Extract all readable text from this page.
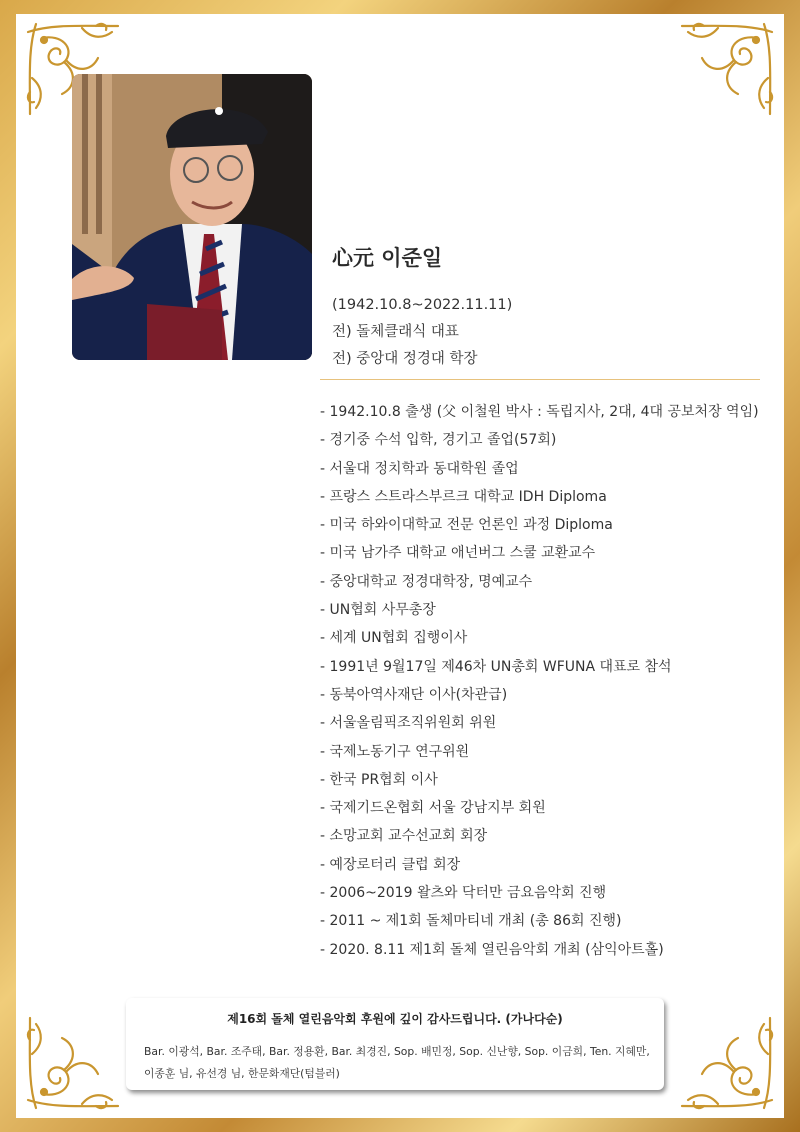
心元 이준일
(1942.10.8~2022.11.11)
전) 돌체클래식 대표
전) 중앙대 정경대 학장
- 1942.10.8 출생 (父 이철원 박사 : 독립지사, 2대, 4대 공보처장 역임)
- 경기중 수석 입학, 경기고 졸업(57회)
- 서울대 정치학과 동대학원 졸업
- 프랑스 스트라스부르크 대학교 IDH Diploma
- 미국 하와이대학교 전문 언론인 과정 Diploma
- 미국 남가주 대학교 애넌버그 스쿨 교환교수
- 중앙대학교 정경대학장, 명예교수
- UN협회 사무총장
- 세계 UN협회 집행이사
- 1991년 9월17일 제46차 UN총회 WFUNA 대표로 참석
- 동북아역사재단 이사(차관급)
- 서울올림픽조직위원회 위원
- 국제노동기구 연구위원
- 한국 PR협회 이사
- 국제기드온협회 서울 강남지부 회원
- 소망교회 교수선교회 회장
- 예장로터리 클럽 회장
- 2006~2019 왈츠와 닥터만 금요음악회 진행
- 2011 ~ 제1회 돌체마티네 개최 (총 86회 진행)
- 2020. 8.11 제1회 돌체 열린음악회 개최 (삼익아트홀)
제16회 돌체 열린음악회 후원에 깊이 감사드립니다. (가나다순)
Bar. 이광석, Bar. 조주태, Bar. 정용환, Bar. 최경진, Sop. 배민정, Sop. 신난향, Sop. 이금희, Ten. 지혜만,
이종훈 님, 유선경 님, 한문화재단(텀블러)
